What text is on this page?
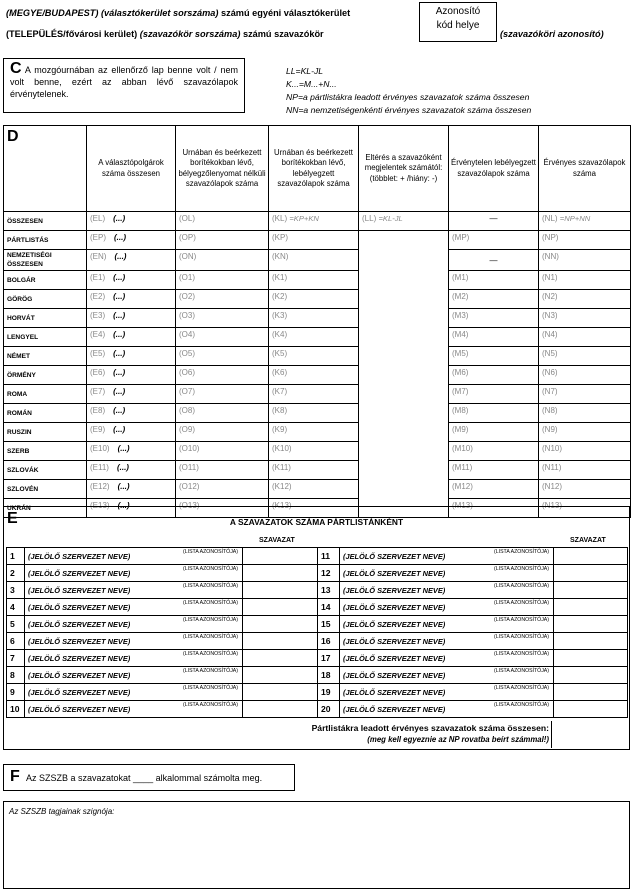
(MEGYE/BUDAPEST) (választókerület sorszáma) számú egyéni választókerület
(TELEPÜLÉS/fővárosi kerület) (szavazókör sorszáma) számú szavazókör
Azonosító
kód helye
(szavazóköri azonosító)
C A mozgóurnában az ellenőrző lap benne volt / nem volt benne, ezért az abban lévő szavazólapok érvénytelenek.
LL=KL-JL
K...=M...+N...
NP=a pártlistákra leadott érvényes szavazatok száma összesen
NN=a nemzetiségenkénti érvényes szavazatok száma összesen
D	A választópolgárok száma összesen	Urnában és beérkezett borítékokban lévő, bélyegzőlenyomat nélküli szavazólapok száma	Urnában és beérkezett borítékokban lévő, lebélyegzett szavazólapok száma	Eltérés a szavazóként megjelentek számától: (többlet: + /hiány: -)	Érvénytelen lebélyegzett szavazólapok száma	Érvényes szavazólapok száma
ÖSSZESEN	(EL) (...)	(OL)	(KL) =KP+KN	(LL) =KL-JL	—	(NL) =NP+NN
PÁRTLISTÁS	(EP) (...)	(OP)	(KP)		(MP)	(NP)

NEMZETISÉGI
ÖSSZESEN	(EN) (...)	(ON)	(KN)		—	(NN)
BOLGÁR	(E1) (...)	(O1)	(K1)		(M1)	(N1)
GÖRÖG	(E2) (...)	(O2)	(K2)		(M2)	(N2)
HORVÁT	(E3) (...)	(O3)	(K3)		(M3)	(N3)
LENGYEL	(E4) (...)	(O4)	(K4)		(M4)	(N4)
NÉMET	(E5) (...)	(O5)	(K5)		(M5)	(N5)
ÖRMÉNY	(E6) (...)	(O6)	(K6)		(M6)	(N6)
ROMA	(E7) (...)	(O7)	(K7)		(M7)	(N7)
ROMÁN	(E8) (...)	(O8)	(K8)		(M8)	(N8)
RUSZIN	(E9) (...)	(O9)	(K9)		(M9)	(N9)
SZERB	(E10) (...)	(O10)	(K10)		(M10)	(N10)
SZLOVÁK	(E11) (...)	(O11)	(K11)		(M11)	(N11)
SZLOVÉN	(E12) (...)	(O12)	(K12)		(M12)	(N12)
UKRÁN	(E13) (...)	(O13)	(K13)		(M13)	(N13)
E	A SZAVAZATOK SZÁMA PÁRTLISTÁNKÉNT
SZAVAZAT	SZAVAZAT
1	(JELÖLŐ SZERVEZET NEVE) (LISTA AZONOSÍTÓJA)		11	(JELÖLŐ SZERVEZET NEVE) (LISTA AZONOSÍTÓJA)	

2	(JELÖLŐ SZERVEZET NEVE) (LISTA AZONOSÍTÓJA)		12	(JELÖLŐ SZERVEZET NEVE) (LISTA AZONOSÍTÓJA)	

3	(JELÖLŐ SZERVEZET NEVE) (LISTA AZONOSÍTÓJA)		13	(JELÖLŐ SZERVEZET NEVE) (LISTA AZONOSÍTÓJA)	

4	(JELÖLŐ SZERVEZET NEVE) (LISTA AZONOSÍTÓJA)		14	(JELÖLŐ SZERVEZET NEVE) (LISTA AZONOSÍTÓJA)	

5	(JELÖLŐ SZERVEZET NEVE) (LISTA AZONOSÍTÓJA)		15	(JELÖLŐ SZERVEZET NEVE) (LISTA AZONOSÍTÓJA)	

6	(JELÖLŐ SZERVEZET NEVE) (LISTA AZONOSÍTÓJA)		16	(JELÖLŐ SZERVEZET NEVE) (LISTA AZONOSÍTÓJA)	

7	(JELÖLŐ SZERVEZET NEVE) (LISTA AZONOSÍTÓJA)		17	(JELÖLŐ SZERVEZET NEVE) (LISTA AZONOSÍTÓJA)	

8	(JELÖLŐ SZERVEZET NEVE) (LISTA AZONOSÍTÓJA)		18	(JELÖLŐ SZERVEZET NEVE) (LISTA AZONOSÍTÓJA)	

9	(JELÖLŐ SZERVEZET NEVE) (LISTA AZONOSÍTÓJA)		19	(JELÖLŐ SZERVEZET NEVE) (LISTA AZONOSÍTÓJA)	

10	(JELÖLŐ SZERVEZET NEVE) (LISTA AZONOSÍTÓJA)		20	(JELÖLŐ SZERVEZET NEVE) (LISTA AZONOSÍTÓJA)	

Pártlistákra leadott érvényes szavazatok száma összesen:
(meg kell egyeznie az NP rovatba beírt számmal!)
F Az SZSZB a szavazatokat ____ alkalommal számolta meg.
Az SZSZB tagjainak szignója:
